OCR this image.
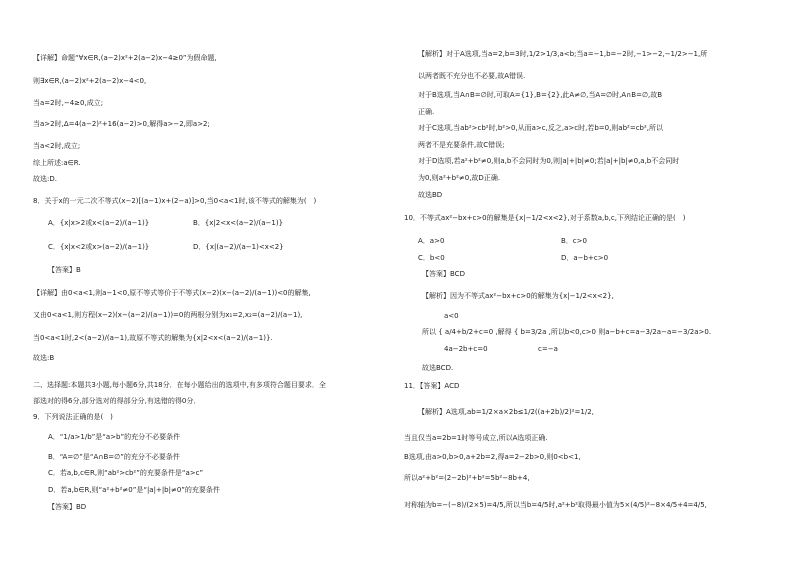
【详解】命题“∀x∈R,(a−2)x²+2(a−2)x−4≥0”为假命题,
则∃x∈R,(a−2)x²+2(a−2)x−4<0,
当a=2时,−4≥0,成立;
当a>2时,Δ=4(a−2)²+16(a−2)>0,解得a>−2,即a>2;
当a<2时,成立;
综上所述:a∈R.
故选:D.
8．关于x的一元二次不等式(x−2)[(a−1)x+(2−a)]>0,当0<a<1时,该不等式的解集为(　)
A．{x|x>2或x<(a−2)/(a−1)}	B．{x|2<x<(a−2)/(a−1)}
C．{x|x<2或x>(a−2)/(a−1)}	D．{x|(a−2)/(a−1)<x<2}
【答案】B
【详解】由0<a<1,则a−1<0,原不等式等价于不等式(x−2)(x−(a−2)/(a−1))<0的解集,
又由0<a<1,则方程(x−2)(x−(a−2)/(a−1))=0的两根分别为x₁=2,x₂=(a−2)/(a−1),
当0<a<1时,2<(a−2)/(a−1),故原不等式的解集为{x|2<x<(a−2)/(a−1)}.
故选:B
二、选择题:本题共3小题,每小题6分,共18分．在每小题给出的选项中,有多项符合题目要求．全
部选对的得6分,部分选对的得部分分,有选错的得0分．
9．下列说法正确的是(　)
A．“1/a>1/b”是“a>b”的充分不必要条件
B．“A=∅”是“A∩B=∅”的充分不必要条件
C．若a,b,c∈R,则“ab²>cb²”的充要条件是“a>c”
D．若a,b∈R,则“a²+b²≠0”是“|a|+|b|≠0”的充要条件
【答案】BD
【解析】对于A选项,当a=2,b=3时,1/2>1/3,a<b;当a=−1,b=−2时,−1>−2,−1/2>−1,所
以两者既不充分也不必要,故A错误.
对于B选项,当A∩B=∅时,可取A={1},B={2},此A≠∅,当A=∅时,A∩B=∅,故B
正确.
对于C选项,当ab²>cb²时,b²>0,从而a>c,反之,a>c时,若b=0,则ab²=cb²,所以
两者不是充要条件,故C错误;
对于D选项,若a²+b²≠0,则a,b不会同时为0,则|a|+|b|≠0;若|a|+|b|≠0,a,b不会同时
为0,则a²+b²≠0,故D正确.
故选BD
10．不等式ax²−bx+c>0的解集是{x|−1/2<x<2},对于系数a,b,c,下列结论正确的是(　)
A．a>0	B．c>0
C．b<0	D．a−b+c>0
【答案】BCD
【解析】因为不等式ax²−bx+c>0的解集为{x|−1/2<x<2},
a<0
所以 { a/4+b/2+c=0 ,解得 { b=3/2a ,所以b<0,c>0 则a−b+c=a−3/2a−a=−3/2a>0.
4a−2b+c=0	c=−a
故选BCD.
11．【答案】ACD
【解析】A选项,ab=1/2×a×2b≤1/2((a+2b)/2)²=1/2,
当且仅当a=2b=1时等号成立,所以A选项正确.
B选项,由a>0,b>0,a+2b=2,得a=2−2b>0,则0<b<1,
所以a²+b²=(2−2b)²+b²=5b²−8b+4,
对称轴为b=−(−8)/(2×5)=4/5,所以当b=4/5时,a²+b²取得最小值为5×(4/5)²−8×4/5+4=4/5,
